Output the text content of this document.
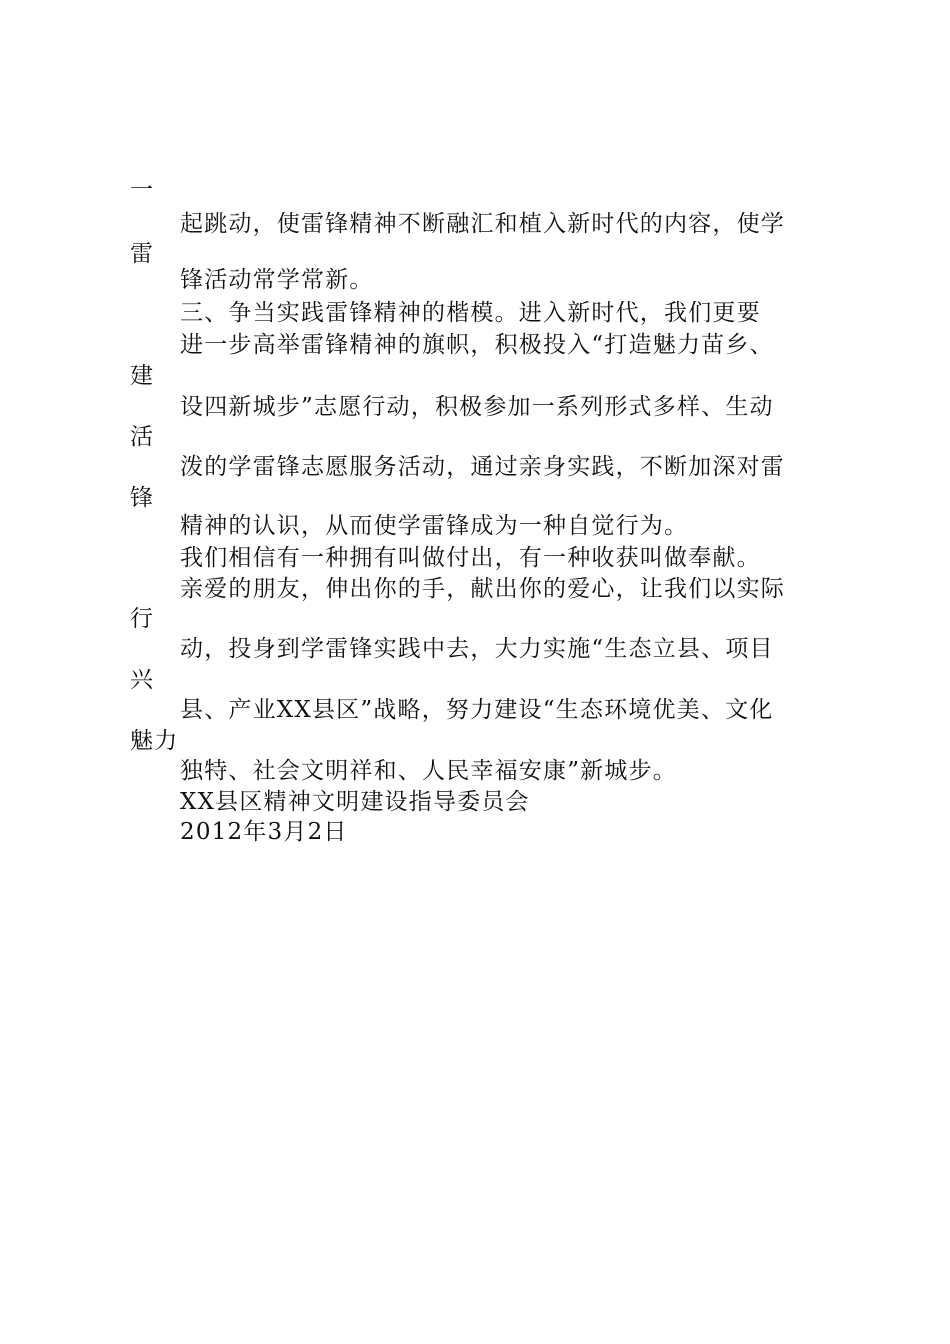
一
起跳动，使雷锋精神不断融汇和植入新时代的内容，使学
雷
锋活动常学常新。
三、争当实践雷锋精神的楷模。进入新时代，我们更要
进一步高举雷锋精神的旗帜，积极投入“打造魅力苗乡、
建
设四新城步”志愿行动，积极参加一系列形式多样、生动
活
泼的学雷锋志愿服务活动，通过亲身实践，不断加深对雷
锋
精神的认识，从而使学雷锋成为一种自觉行为。
我们相信有一种拥有叫做付出，有一种收获叫做奉献。
亲爱的朋友，伸出你的手，献出你的爱心，让我们以实际
行
动，投身到学雷锋实践中去，大力实施“生态立县、项目
兴
县、产业XX县区”战略，努力建设“生态环境优美、文化
魅力
独特、社会文明祥和、人民幸福安康”新城步。
XX县区精神文明建设指导委员会
2012年3月2日
